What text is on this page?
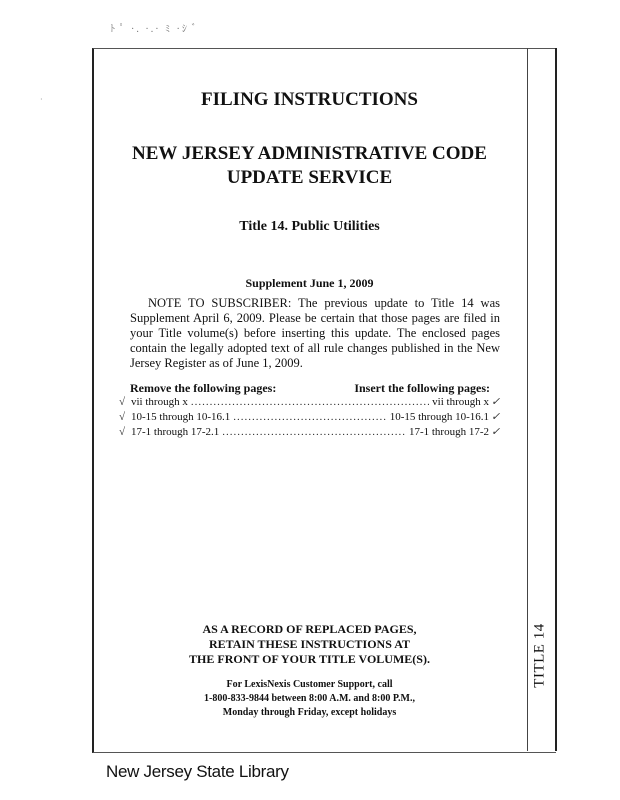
ﾄ ﾟ ·. ·.· ﾐ ·ｼ ﾞ
·
TITLE 14
FILING INSTRUCTIONS
NEW JERSEY ADMINISTRATIVE CODE
UPDATE SERVICE
Title 14. Public Utilities
Supplement June 1, 2009
NOTE TO SUBSCRIBER: The previous update to Title 14 was Supplement April 6, 2009. Please be certain that those pages are filed in your Title volume(s) before inserting this update. The enclosed pages contain the legally adopted text of all rule changes published in the New Jersey Register as of June 1, 2009.
Remove the following pages:	Insert the following pages:
√ vii through x .....	vii through x ✓
√ 10-15 through 10-16.1 .....	10-15 through 10-16.1 ✓
√ 17-1 through 17-2.1 .....	17-1 through 17-2 ✓
AS A RECORD OF REPLACED PAGES,
RETAIN THESE INSTRUCTIONS AT
THE FRONT OF YOUR TITLE VOLUME(S).
For LexisNexis Customer Support, call
1-800-833-9844 between 8:00 A.M. and 8:00 P.M.,
Monday through Friday, except holidays
New Jersey State Library
